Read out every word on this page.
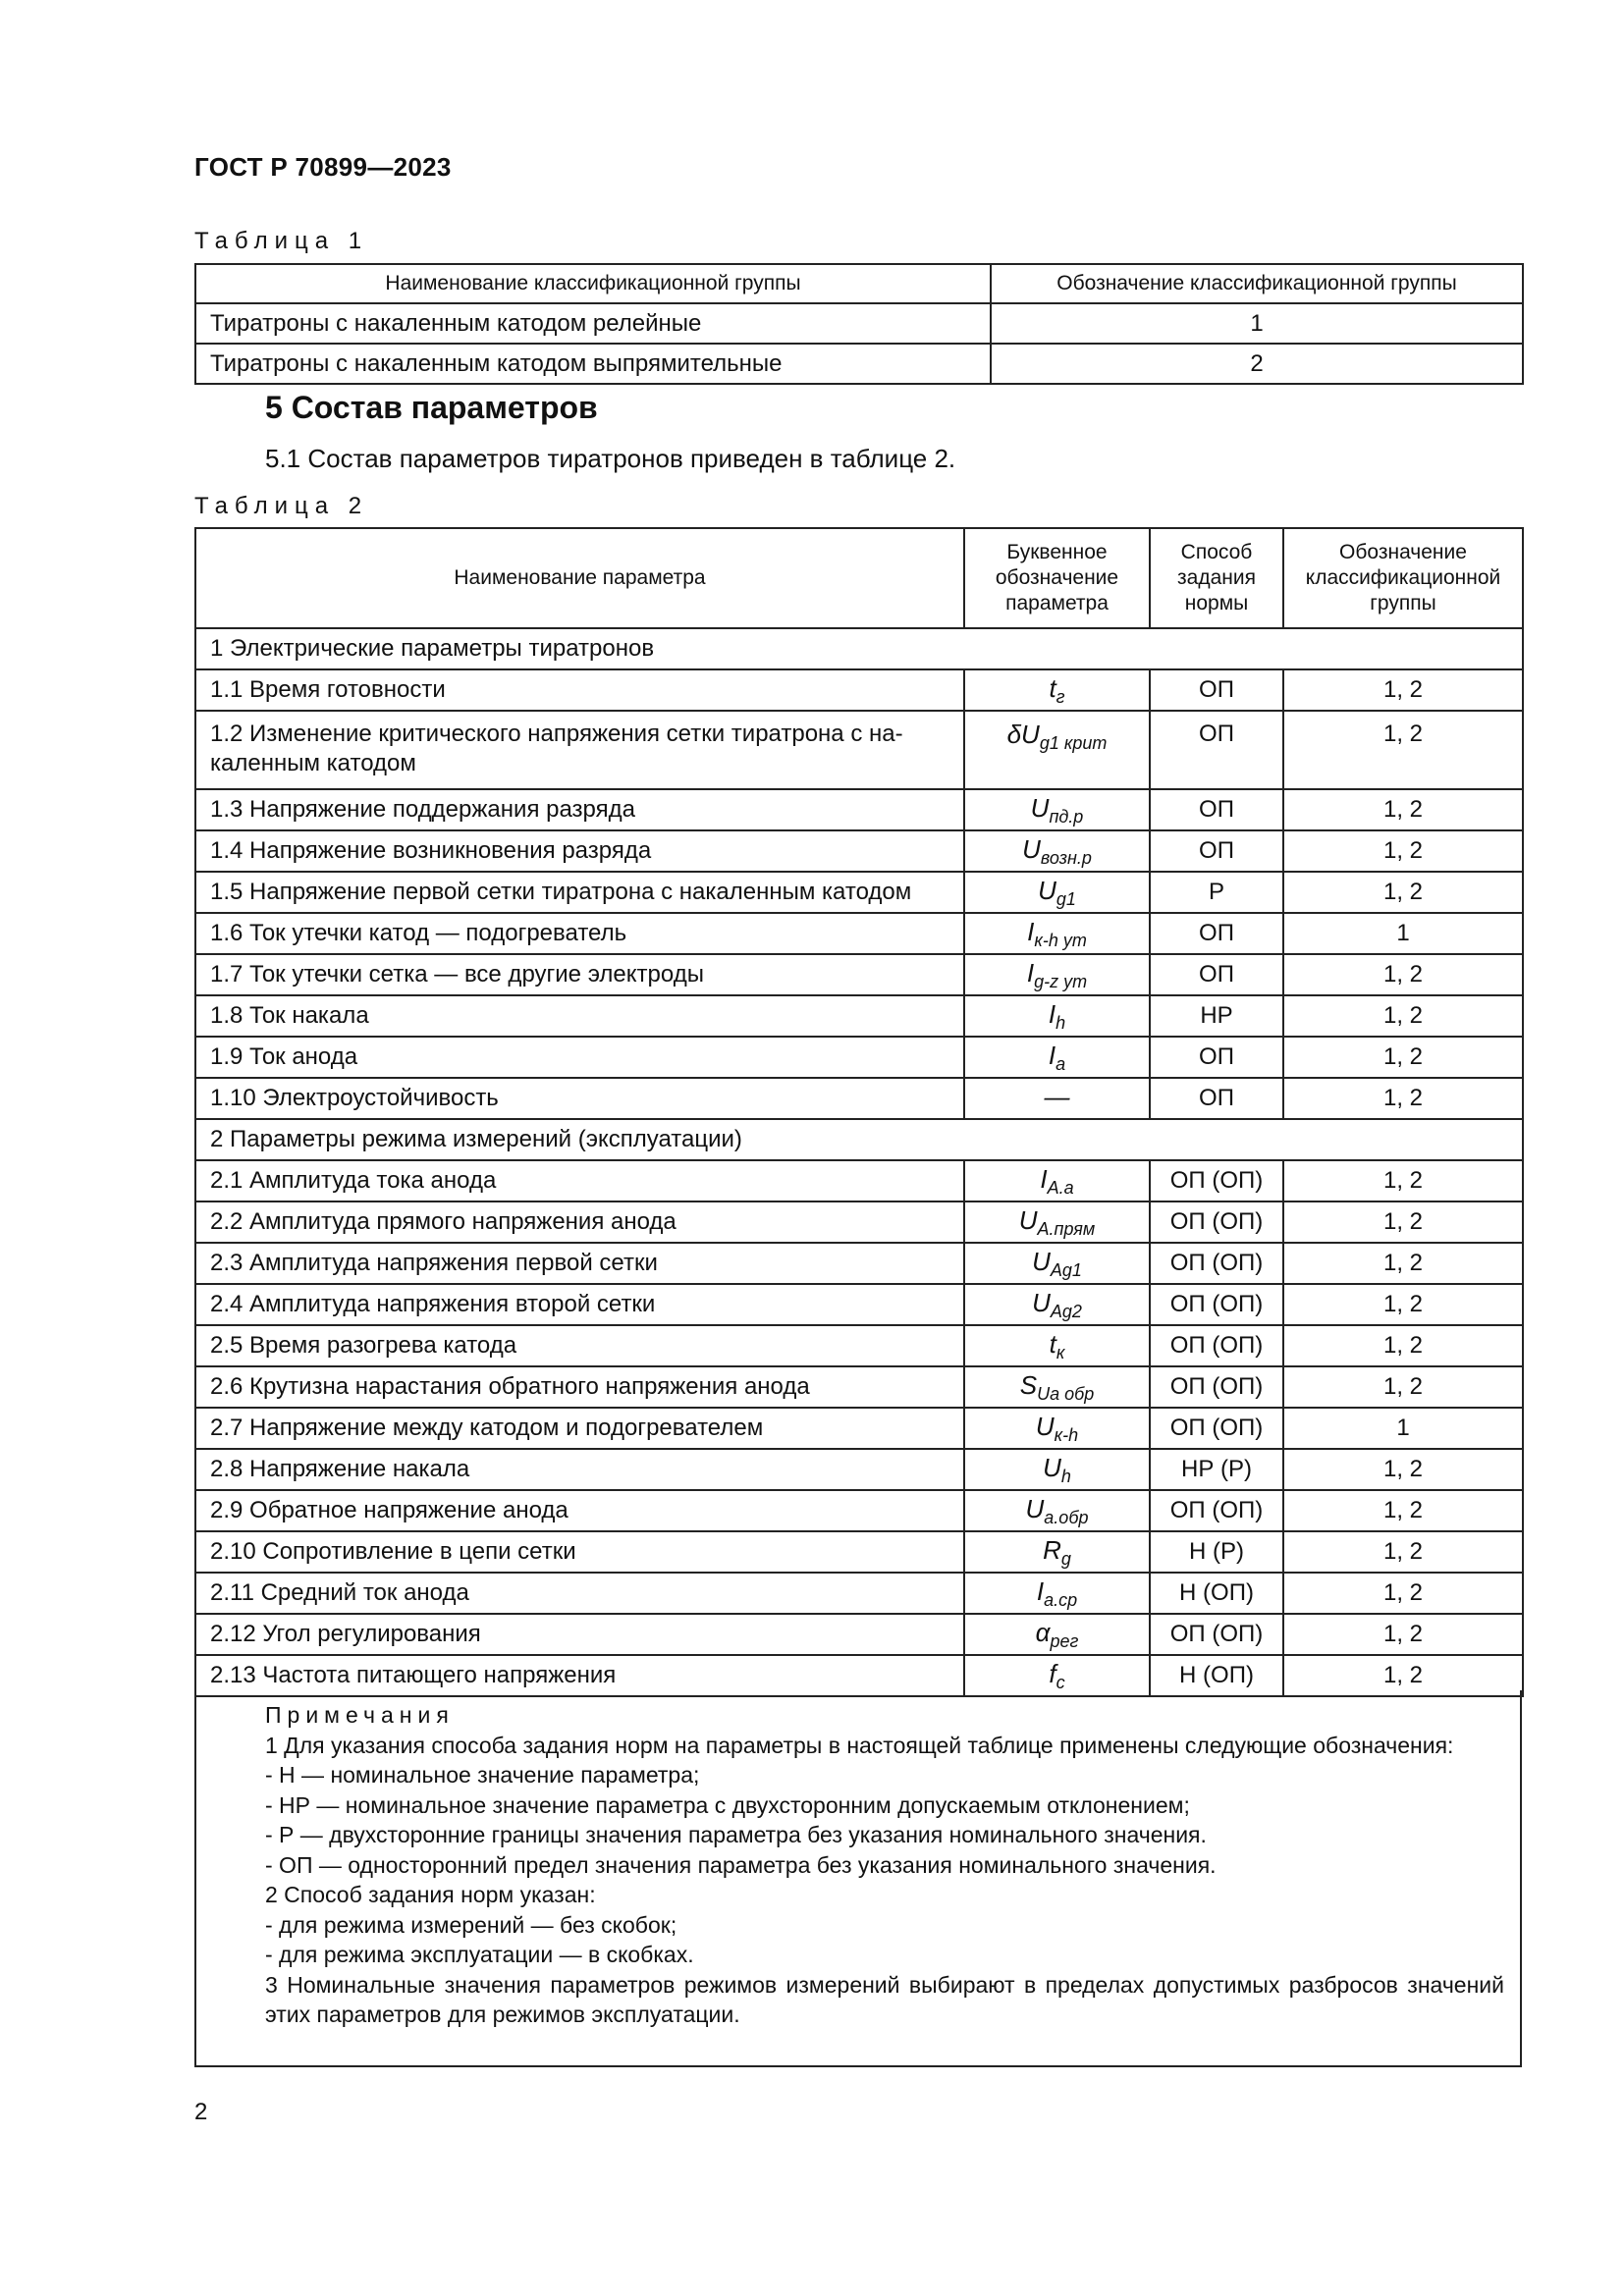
ГОСТ Р 70899—2023
Таблица 1
Наименование классификационной группы	Обозначение классификационной группы
Тиратроны с накаленным катодом релейные	1
Тиратроны с накаленным катодом выпрямительные	2
5 Состав параметров
5.1 Состав параметров тиратронов приведен в таблице 2.
Таблица 2
Наименование параметра	Буквенное обозначение параметра	Способ задания нормы	Обозначение классификационной группы
1 Электрические параметры тиратронов			
1.1 Время готовности	$t_г$	ОП	1, 2
1.2 Изменение критического напряжения сетки тиратрона с накаленным катодом	$\delta U_{g1 крит}$	ОП	1, 2
1.3 Напряжение поддержания разряда	$U_{пд.р}$	ОП	1, 2
1.4 Напряжение возникновения разряда	$U_{возн.р}$	ОП	1, 2
1.5 Напряжение первой сетки тиратрона с накаленным катодом	$U_{g1}$	Р	1, 2
1.6 Ток утечки катод — подогреватель	$I_{к-h ут}$	ОП	1
1.7 Ток утечки сетка — все другие электроды	$I_{g-z ут}$	ОП	1, 2
1.8 Ток накала	$I_h$	НР	1, 2
1.9 Ток анода	$I_а$	ОП	1, 2
1.10 Электроустойчивость	—	ОП	1, 2
2 Параметры режима измерений (эксплуатации)			
2.1 Амплитуда тока анода	$I_{А.а}$	ОП (ОП)	1, 2
2.2 Амплитуда прямого напряжения анода	$U_{А.прям}$	ОП (ОП)	1, 2
2.3 Амплитуда напряжения первой сетки	$U_{Аg1}$	ОП (ОП)	1, 2
2.4 Амплитуда напряжения второй сетки	$U_{Аg2}$	ОП (ОП)	1, 2
2.5 Время разогрева катода	$t_к$	ОП (ОП)	1, 2
2.6 Крутизна нарастания обратного напряжения анода	$S_{Uа обр}$	ОП (ОП)	1, 2
2.7 Напряжение между катодом и подогревателем	$U_{к-h}$	ОП (ОП)	1
2.8 Напряжение накала	$U_h$	НР (Р)	1, 2
2.9 Обратное напряжение анода	$U_{а.обр}$	ОП (ОП)	1, 2
2.10 Сопротивление в цепи сетки	$R_g$	Н (Р)	1, 2
2.11 Средний ток анода	$I_{а.ср}$	Н (ОП)	1, 2
2.12 Угол регулирования	$\alpha_{рег}$	ОП (ОП)	1, 2
2.13 Частота питающего напряжения	$f_c$	Н (ОП)	1, 2

Примечания

1 Для указания способа задания норм на параметры в настоящей таблице применены следующие обозначения:

- Н — номинальное значение параметра;

- НР — номинальное значение параметра с двухсторонним допускаемым отклонением;

- Р — двухсторонние границы значения параметра без указания номинального значения.

- ОП — односторонний предел значения параметра без указания номинального значения.

2 Способ задания норм указан:

- для режима измерений — без скобок;

- для режима эксплуатации — в скобках.

3 Номинальные значения параметров режимов измерений выбирают в пределах допустимых разбросов значений этих параметров для режимов эксплуатации.

2
